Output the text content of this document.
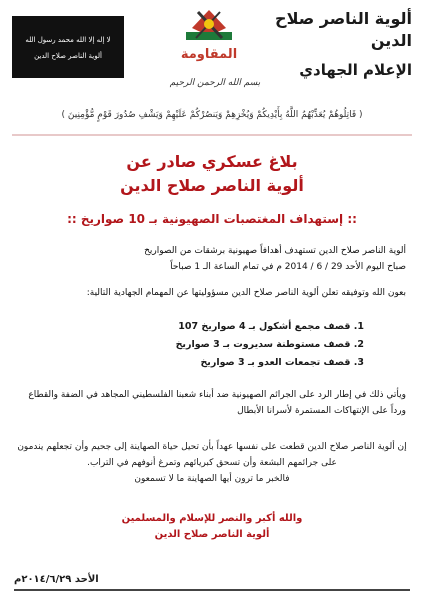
ألوية الناصر صلاح الدين
الإعلام الجهادي
المقاومة
لا إله إلا الله محمد رسول الله
ألوية الناصر صلاح الدين
بسم الله الرحمن الرحيم
( قَاتِلُوهُمْ يُعَذِّبْهُمُ اللَّهُ بِأَيْدِيكُمْ وَيُخْزِهِمْ وَيَنصُرْكُمْ عَلَيْهِمْ وَيَشْفِ صُدُورَ قَوْمٍ مُّؤْمِنِينَ )
بلاغ عسكري صادر عن
ألوية الناصر صلاح الدين
:: إستهداف المغتصبات الصهيونية بـ 10 صواريخ ::
ألوية الناصر صلاح الدين تستهدف أهدافاً صهيونية برشقات من الصواريخ
صباح اليوم الأحد 29 / 6 / 2014 م في تمام الساعة الـ 1 صباحاً
بعون الله وتوفيقه تعلن ألوية الناصر صلاح الدين مسؤوليتها عن المهمام الجهادية التالية:
1. قصف مجمع أشكول بـ 4 صواريخ 107
2. قصف مستوطنة سديروت بـ 3 صواريخ
3. قصف تجمعات العدو بـ 3 صواريخ
ويأتي ذلك في إطار الرد على الجرائم الصهيونية ضد أبناء شعبنا الفلسطيني المجاهد في الضفة والقطاع
ورداً على الإنتهاكات المستمرة لأسرانا الأبطال
إن ألوية الناصر صلاح الدين قطعت على نفسها عهداً بأن تحيل حياة الصهاينة إلى جحيم وأن تجعلهم يندمون
على جرائمهم البشعة وأن تسحق كبريائهم وتمرغ أنوفهم في التراب.
فالخبر ما ترون أيها الصهاينة ما لا تسمعون
والله أكبر والنصر للإسلام والمسلمين
ألوية الناصر صلاح الدين
الأحد ٢٠١٤/٦/٢٩م
